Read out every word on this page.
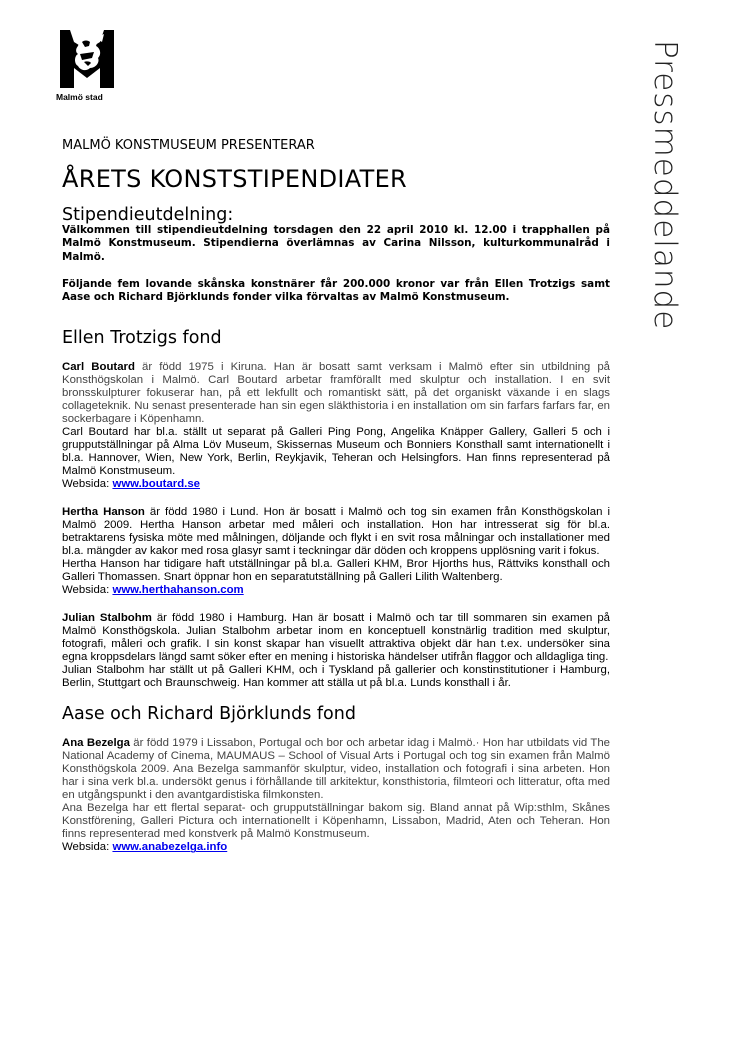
Malmö stad	Pressmeddelande

MALMÖ KONSTMUSEUM PRESENTERAR

ÅRETS KONSTSTIPENDIATER
Stipendieutdelning:

Välkommen till stipendieutdelning torsdagen den 22 april 2010 kl. 12.00 i trapphallen på Malmö Konstmuseum. Stipendierna överlämnas av Carina Nilsson, kulturkommunalråd i Malmö.

Följande fem lovande skånska konstnärer får 200.000 kronor var från Ellen Trotzigs samt Aase och Richard Björklunds fonder vilka förvaltas av Malmö Konstmuseum.

Ellen Trotzigs fond

Carl Boutard är född 1975 i Kiruna. Han är bosatt samt verksam i Malmö efter sin utbildning på Konsthögskolan i Malmö. Carl Boutard arbetar framförallt med skulptur och installation. I en svit bronsskulpturer fokuserar han, på ett lekfullt och romantiskt sätt, på det organiskt växande i en slags collageteknik. Nu senast presenterade han sin egen släkthistoria i en installation om sin farfars farfars far, en sockerbagare i Köpenhamn.
Carl Boutard har bl.a. ställt ut separat på Galleri Ping Pong, Angelika Knäpper Gallery, Galleri 5 och i grupputställningar på Alma Löv Museum, Skissernas Museum och Bonniers Konsthall samt internationellt i bl.a. Hannover, Wien, New York, Berlin, Reykjavik, Teheran och Helsingfors. Han finns representerad på Malmö Konstmuseum.
Websida: www.boutard.se

Hertha Hanson är född 1980 i Lund. Hon är bosatt i Malmö och tog sin examen från Konsthögskolan i Malmö 2009. Hertha Hanson arbetar med måleri och installation. Hon har intresserat sig för bl.a. betraktarens fysiska möte med målningen, döljande och flykt i en svit rosa målningar och installationer med bl.a. mängder av kakor med rosa glasyr samt i teckningar där döden och kroppens upplösning varit i fokus.
Hertha Hanson har tidigare haft utställningar på bl.a. Galleri KHM, Bror Hjorths hus, Rättviks konsthall och Galleri Thomassen. Snart öppnar hon en separatutställning på Galleri Lilith Waltenberg.
Websida: www.herthahanson.com

Julian Stalbohm är född 1980 i Hamburg. Han är bosatt i Malmö och tar till sommaren sin examen på Malmö Konsthögskola. Julian Stalbohm arbetar inom en konceptuell konstnärlig tradition med skulptur, fotografi, måleri och grafik. I sin konst skapar han visuellt attraktiva objekt där han t.ex. undersöker sina egna kroppsdelars längd samt söker efter en mening i historiska händelser utifrån flaggor och alldagliga ting.
Julian Stalbohm har ställt ut på Galleri KHM, och i Tyskland på gallerier och konstinstitutioner i Hamburg, Berlin, Stuttgart och Braunschweig. Han kommer att ställa ut på bl.a. Lunds konsthall i år.

Aase och Richard Björklunds fond

Ana Bezelga är född 1979 i Lissabon, Portugal och bor och arbetar idag i Malmö.· Hon har utbildats vid The National Academy of Cinema, MAUMAUS – School of Visual Arts i Portugal och tog sin examen från Malmö Konsthögskola 2009. Ana Bezelga sammanför skulptur, video, installation och fotografi i sina arbeten. Hon har i sina verk bl.a. undersökt genus i förhållande till arkitektur, konsthistoria, filmteori och litteratur, ofta med en utgångspunkt i den avantgardistiska filmkonsten.
Ana Bezelga har ett flertal separat- och grupputställningar bakom sig. Bland annat på Wip:sthlm, Skånes Konstförening, Galleri Pictura och internationellt i Köpenhamn, Lissabon, Madrid, Aten och Teheran. Hon finns representerad med konstverk på Malmö Konstmuseum.
Websida: www.anabezelga.info
